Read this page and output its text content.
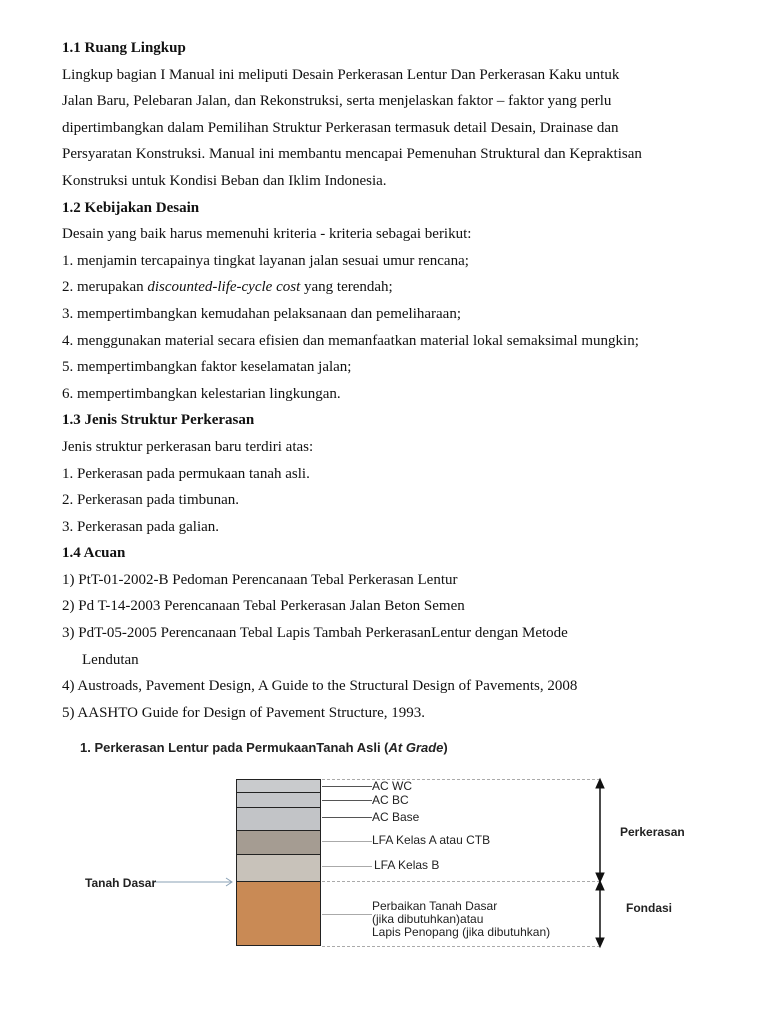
1.1 Ruang Lingkup
Lingkup bagian I Manual ini meliputi Desain Perkerasan Lentur Dan Perkerasan Kaku untuk
Jalan Baru, Pelebaran Jalan, dan Rekonstruksi, serta menjelaskan faktor – faktor yang perlu
dipertimbangkan dalam Pemilihan Struktur Perkerasan termasuk detail Desain, Drainase dan
Persyaratan Konstruksi. Manual ini membantu mencapai Pemenuhan Struktural dan Kepraktisan
Konstruksi untuk Kondisi Beban dan Iklim Indonesia.
1.2 Kebijakan Desain
Desain yang baik harus memenuhi kriteria - kriteria sebagai berikut:
1. menjamin tercapainya tingkat layanan jalan sesuai umur rencana;
2. merupakan discounted-life-cycle cost yang terendah;
3. mempertimbangkan kemudahan pelaksanaan dan pemeliharaan;
4. menggunakan material secara efisien dan memanfaatkan material lokal semaksimal mungkin;
5. mempertimbangkan faktor keselamatan jalan;
6. mempertimbangkan kelestarian lingkungan.
1.3 Jenis Struktur Perkerasan
Jenis struktur perkerasan baru terdiri atas:
1. Perkerasan pada permukaan tanah asli.
2. Perkerasan pada timbunan.
3. Perkerasan pada galian.
1.4 Acuan
1) PtT-01-2002-B Pedoman Perencanaan Tebal Perkerasan Lentur
2) Pd T-14-2003 Perencanaan Tebal Perkerasan Jalan Beton Semen
3) PdT-05-2005 Perencanaan Tebal Lapis Tambah PerkerasanLentur dengan Metode
Lendutan
4) Austroads, Pavement Design, A Guide to the Structural Design of Pavements, 2008
5) AASHTO Guide for Design of Pavement Structure, 1993.
1. Perkerasan Lentur pada PermukaanTanah Asli (At Grade)
AC WC
AC BC
AC Base
LFA Kelas A atau CTB
LFA Kelas B
Perbaikan Tanah Dasar
(jika dibutuhkan)atau
Lapis Penopang (jika dibutuhkan)
Tanah Dasar
Perkerasan
Fondasi
